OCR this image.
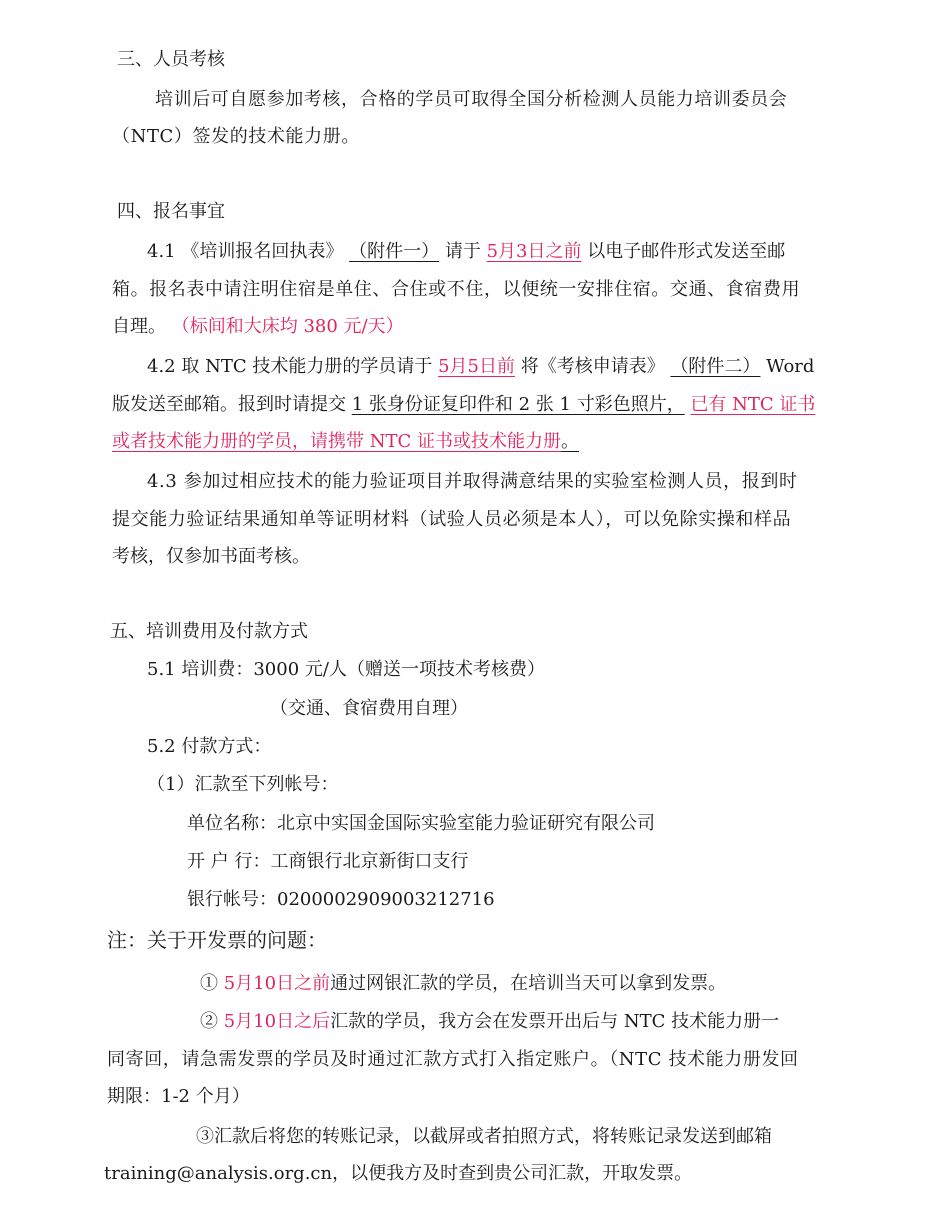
三、人员考核
培训后可自愿参加考核，合格的学员可取得全国分析检测人员能力培训委员会
（NTC）签发的技术能力册。
四、报名事宜
4.1 《培训报名回执表》 （附件一） 请于 5月3日之前 以电子邮件形式发送至邮
箱。报名表中请注明住宿是单住、合住或不住，以便统一安排住宿。交通、食宿费用
自理。 （标间和大床均 380 元/天）
4.2 取 NTC 技术能力册的学员请于 5月5日前 将《考核申请表》 （附件二） Word
版发送至邮箱。报到时请提交 1 张身份证复印件和 2 张 1 寸彩色照片， 已有 NTC 证书
或者技术能力册的学员，请携带 NTC 证书或技术能力册。
4.3 参加过相应技术的能力验证项目并取得满意结果的实验室检测人员，报到时
提交能力验证结果通知单等证明材料（试验人员必须是本人），可以免除实操和样品
考核，仅参加书面考核。
五、培训费用及付款方式
5.1 培训费：3000 元/人（赠送一项技术考核费）
（交通、食宿费用自理）
5.2 付款方式：
（1）汇款至下列帐号：
单位名称：北京中实国金国际实验室能力验证研究有限公司
开 户 行：工商银行北京新街口支行
银行帐号：0200002909003212716
注：关于开发票的问题：
① 5月10日之前通过网银汇款的学员，在培训当天可以拿到发票。
② 5月10日之后汇款的学员，我方会在发票开出后与 NTC 技术能力册一
同寄回，请急需发票的学员及时通过汇款方式打入指定账户。（NTC 技术能力册发回
期限：1-2 个月）
③汇款后将您的转账记录，以截屏或者拍照方式，将转账记录发送到邮箱
training@analysis.org.cn，以便我方及时查到贵公司汇款，开取发票。
